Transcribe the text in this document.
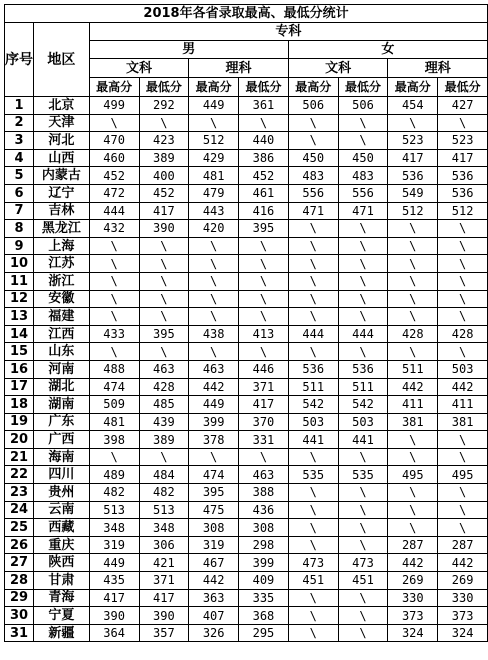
2018年各省录取最高、最低分统计									
序号	地区	专科							
		男				女			
		文科		理科		文科		理科	
		最高分	最低分	最高分	最低分	最高分	最低分	最高分	最低分
1	北京	499	292	449	361	506	506	454	427
2	天津	\	\	\	\	\	\	\	\
3	河北	470	423	512	440	\	\	523	523
4	山西	460	389	429	386	450	450	417	417
5	内蒙古	452	400	481	452	483	483	536	536
6	辽宁	472	452	479	461	556	556	549	536
7	吉林	444	417	443	416	471	471	512	512
8	黑龙江	432	390	420	395	\	\	\	\
9	上海	\	\	\	\	\	\	\	\
10	江苏	\	\	\	\	\	\	\	\
11	浙江	\	\	\	\	\	\	\	\
12	安徽	\	\	\	\	\	\	\	\
13	福建	\	\	\	\	\	\	\	\
14	江西	433	395	438	413	444	444	428	428
15	山东	\	\	\	\	\	\	\	\
16	河南	488	463	463	446	536	536	511	503
17	湖北	474	428	442	371	511	511	442	442
18	湖南	509	485	449	417	542	542	411	411
19	广东	481	439	399	370	503	503	381	381
20	广西	398	389	378	331	441	441	\	\
21	海南	\	\	\	\	\	\	\	\
22	四川	489	484	474	463	535	535	495	495
23	贵州	482	482	395	388	\	\	\	\
24	云南	513	513	475	436	\	\	\	\
25	西藏	348	348	308	308	\	\	\	\
26	重庆	319	306	319	298	\	\	287	287
27	陕西	449	421	467	399	473	473	442	442
28	甘肃	435	371	442	409	451	451	269	269
29	青海	417	417	363	335	\	\	330	330
30	宁夏	390	390	407	368	\	\	373	373
31	新疆	364	357	326	295	\	\	324	324
